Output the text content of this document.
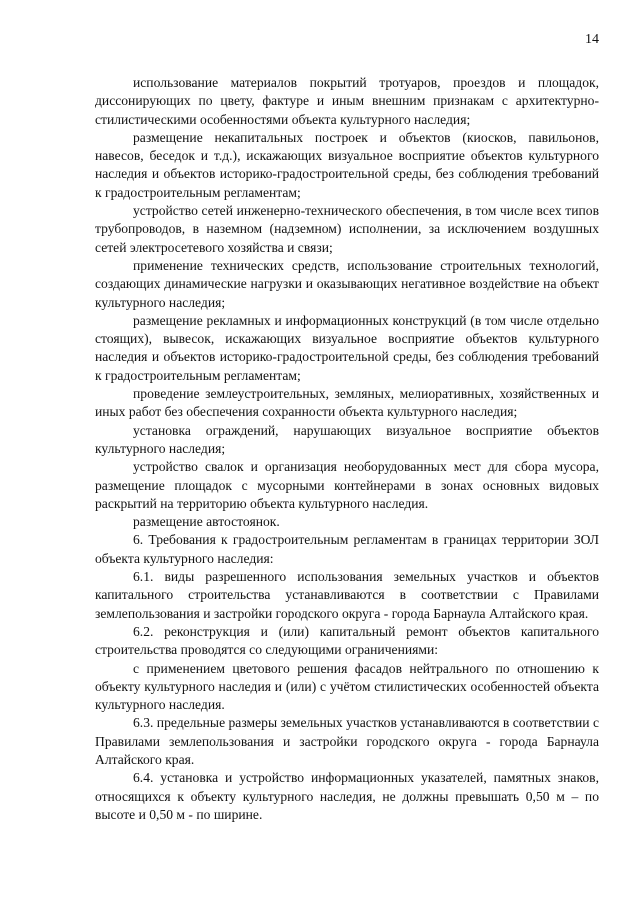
14

использование материалов покрытий тротуаров, проездов и площадок, диссонирующих по цвету, фактуре и иным внешним признакам с архитектурно-стилистическими особенностями объекта культурного наследия;

размещение некапитальных построек и объектов (киосков, павильонов, навесов, беседок и т.д.), искажающих визуальное восприятие объектов культурного наследия и объектов историко-градостроительной среды, без соблюдения требований к градостроительным регламентам;

устройство сетей инженерно-технического обеспечения, в том числе всех типов трубопроводов, в наземном (надземном) исполнении, за исключением воздушных сетей электросетевого хозяйства и связи;

применение технических средств, использование строительных технологий, создающих динамические нагрузки и оказывающих негативное воздействие на объект культурного наследия;

размещение рекламных и информационных конструкций (в том числе отдельно стоящих), вывесок, искажающих визуальное восприятие объектов культурного наследия и объектов историко-градостроительной среды, без соблюдения требований к градостроительным регламентам;

проведение землеустроительных, земляных, мелиоративных, хозяйственных и иных работ без обеспечения сохранности объекта культурного наследия;

установка ограждений, нарушающих визуальное восприятие объектов культурного наследия;

устройство свалок и организация необорудованных мест для сбора мусора, размещение площадок с мусорными контейнерами в зонах основных видовых раскрытий на территорию объекта культурного наследия.

размещение автостоянок.

6. Требования к градостроительным регламентам в границах территории ЗОЛ объекта культурного наследия:

6.1. виды разрешенного использования земельных участков и объектов капитального строительства устанавливаются в соответствии с Правилами землепользования и застройки городского округа - города Барнаула Алтайского края.

6.2. реконструкция и (или) капитальный ремонт объектов капитального строительства проводятся со следующими ограничениями:

с применением цветового решения фасадов нейтрального по отношению к объекту культурного наследия и (или) с учётом стилистических особенностей объекта культурного наследия.

6.3. предельные размеры земельных участков устанавливаются в соответствии с Правилами землепользования и застройки городского округа - города Барнаула Алтайского края.

6.4. установка и устройство информационных указателей, памятных знаков, относящихся к объекту культурного наследия, не должны превышать 0,50 м – по высоте и 0,50 м - по ширине.
